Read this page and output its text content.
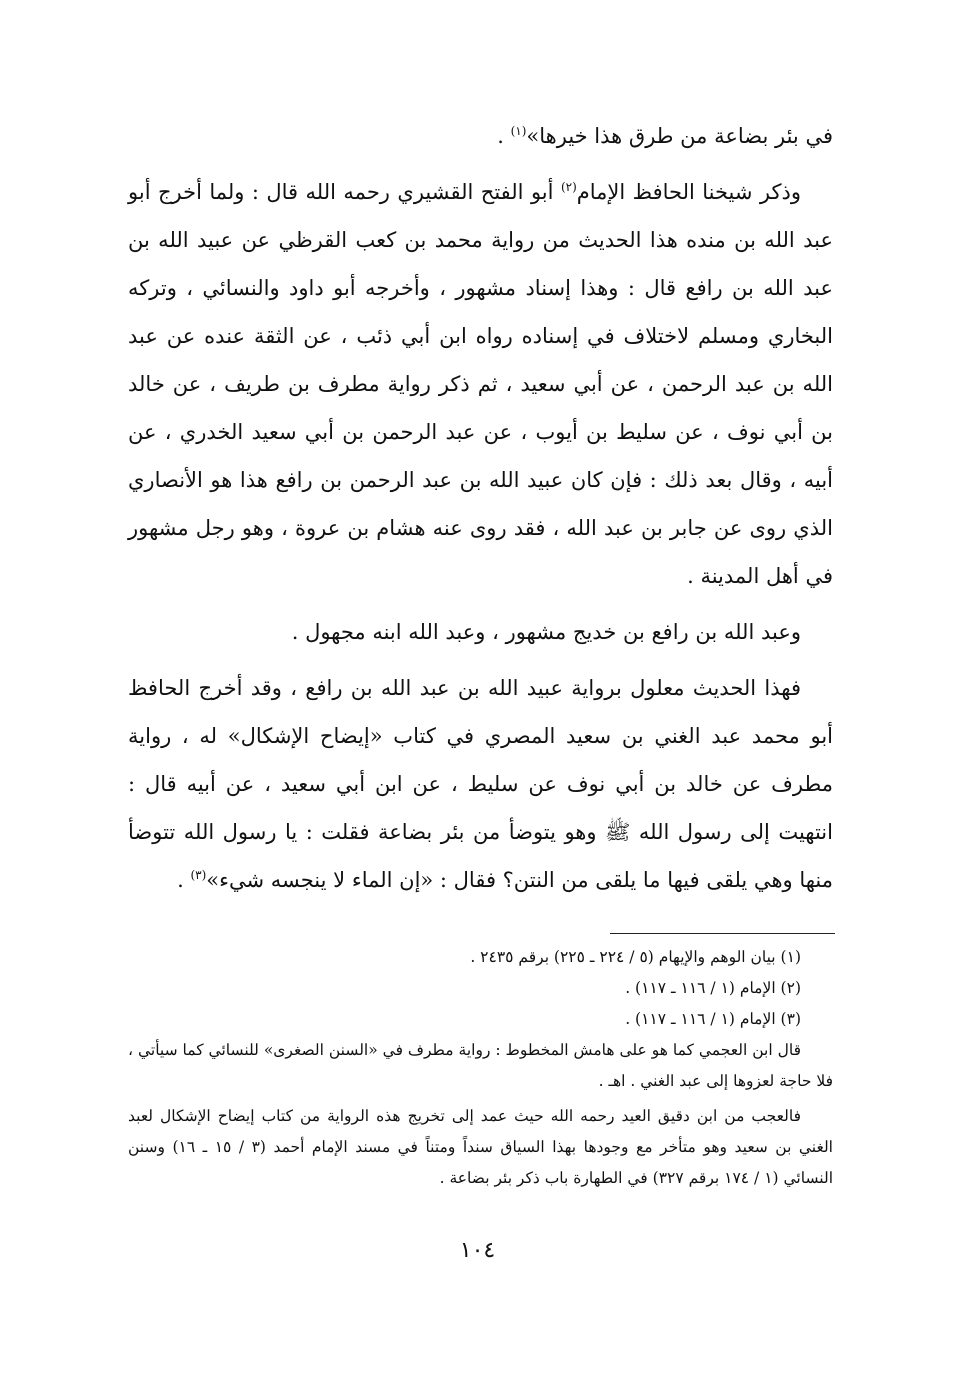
في بئر بضاعة من طرق هذا خيرها»$^{(١)}$ .

وذكر شيخنا الحافظ الإمام$^{(٢)}$ أبو الفتح القشيري رحمه الله قال : ولما أخرج أبو عبد الله بن منده هذا الحديث من رواية محمد بن كعب القرظي عن عبيد الله بن عبد الله بن رافع قال : وهذا إسناد مشهور ، وأخرجه أبو داود والنسائي ، وتركه البخاري ومسلم لاختلاف في إسناده رواه ابن أبي ذئب ، عن الثقة عنده عن عبد الله بن عبد الرحمن ، عن أبي سعيد ، ثم ذكر رواية مطرف بن طريف ، عن خالد بن أبي نوف ، عن سليط بن أيوب ، عن عبد الرحمن بن أبي سعيد الخدري ، عن أبيه ، وقال بعد ذلك : فإن كان عبيد الله بن عبد الرحمن بن رافع هذا هو الأنصاري الذي روى عن جابر بن عبد الله ، فقد روى عنه هشام بن عروة ، وهو رجل مشهور في أهل المدينة .

وعبد الله بن رافع بن خديج مشهور ، وعبد الله ابنه مجهول .

فهذا الحديث معلول برواية عبيد الله بن عبد الله بن رافع ، وقد أخرج الحافظ أبو محمد عبد الغني بن سعيد المصري في كتاب «إيضاح الإشكال» له ، رواية مطرف عن خالد بن أبي نوف عن سليط ، عن ابن أبي سعيد ، عن أبيه قال : انتهيت إلى رسول الله ﷺ وهو يتوضأ من بئر بضاعة فقلت : يا رسول الله تتوضأ منها وهي يلقى فيها ما يلقى من النتن؟ فقال : «إن الماء لا ينجسه شيء»$^{(٣)}$ .

(١) بيان الوهم والإيهام (٥ / ٢٢٤ ـ ٢٢٥) برقم ٢٤٣٥ .

(٢) الإمام (١ / ١١٦ ـ ١١٧) .

(٣) الإمام (١ / ١١٦ ـ ١١٧) .

قال ابن العجمي كما هو على هامش المخطوط : رواية مطرف في «السنن الصغرى» للنسائي كما سيأتي ، فلا حاجة لعزوها إلى عبد الغني . اهـ .

فالعجب من ابن دقيق العيد رحمه الله حيث عمد إلى تخريج هذه الرواية من كتاب إيضاح الإشكال لعبد الغني بن سعيد وهو متأخر مع وجودها بهذا السياق سنداً ومتناً في مسند الإمام أحمد (٣ / ١٥ ـ ١٦) وسنن النسائي (١ / ١٧٤ برقم ٣٢٧) في الطهارة باب ذكر بئر بضاعة .

١٠٤
